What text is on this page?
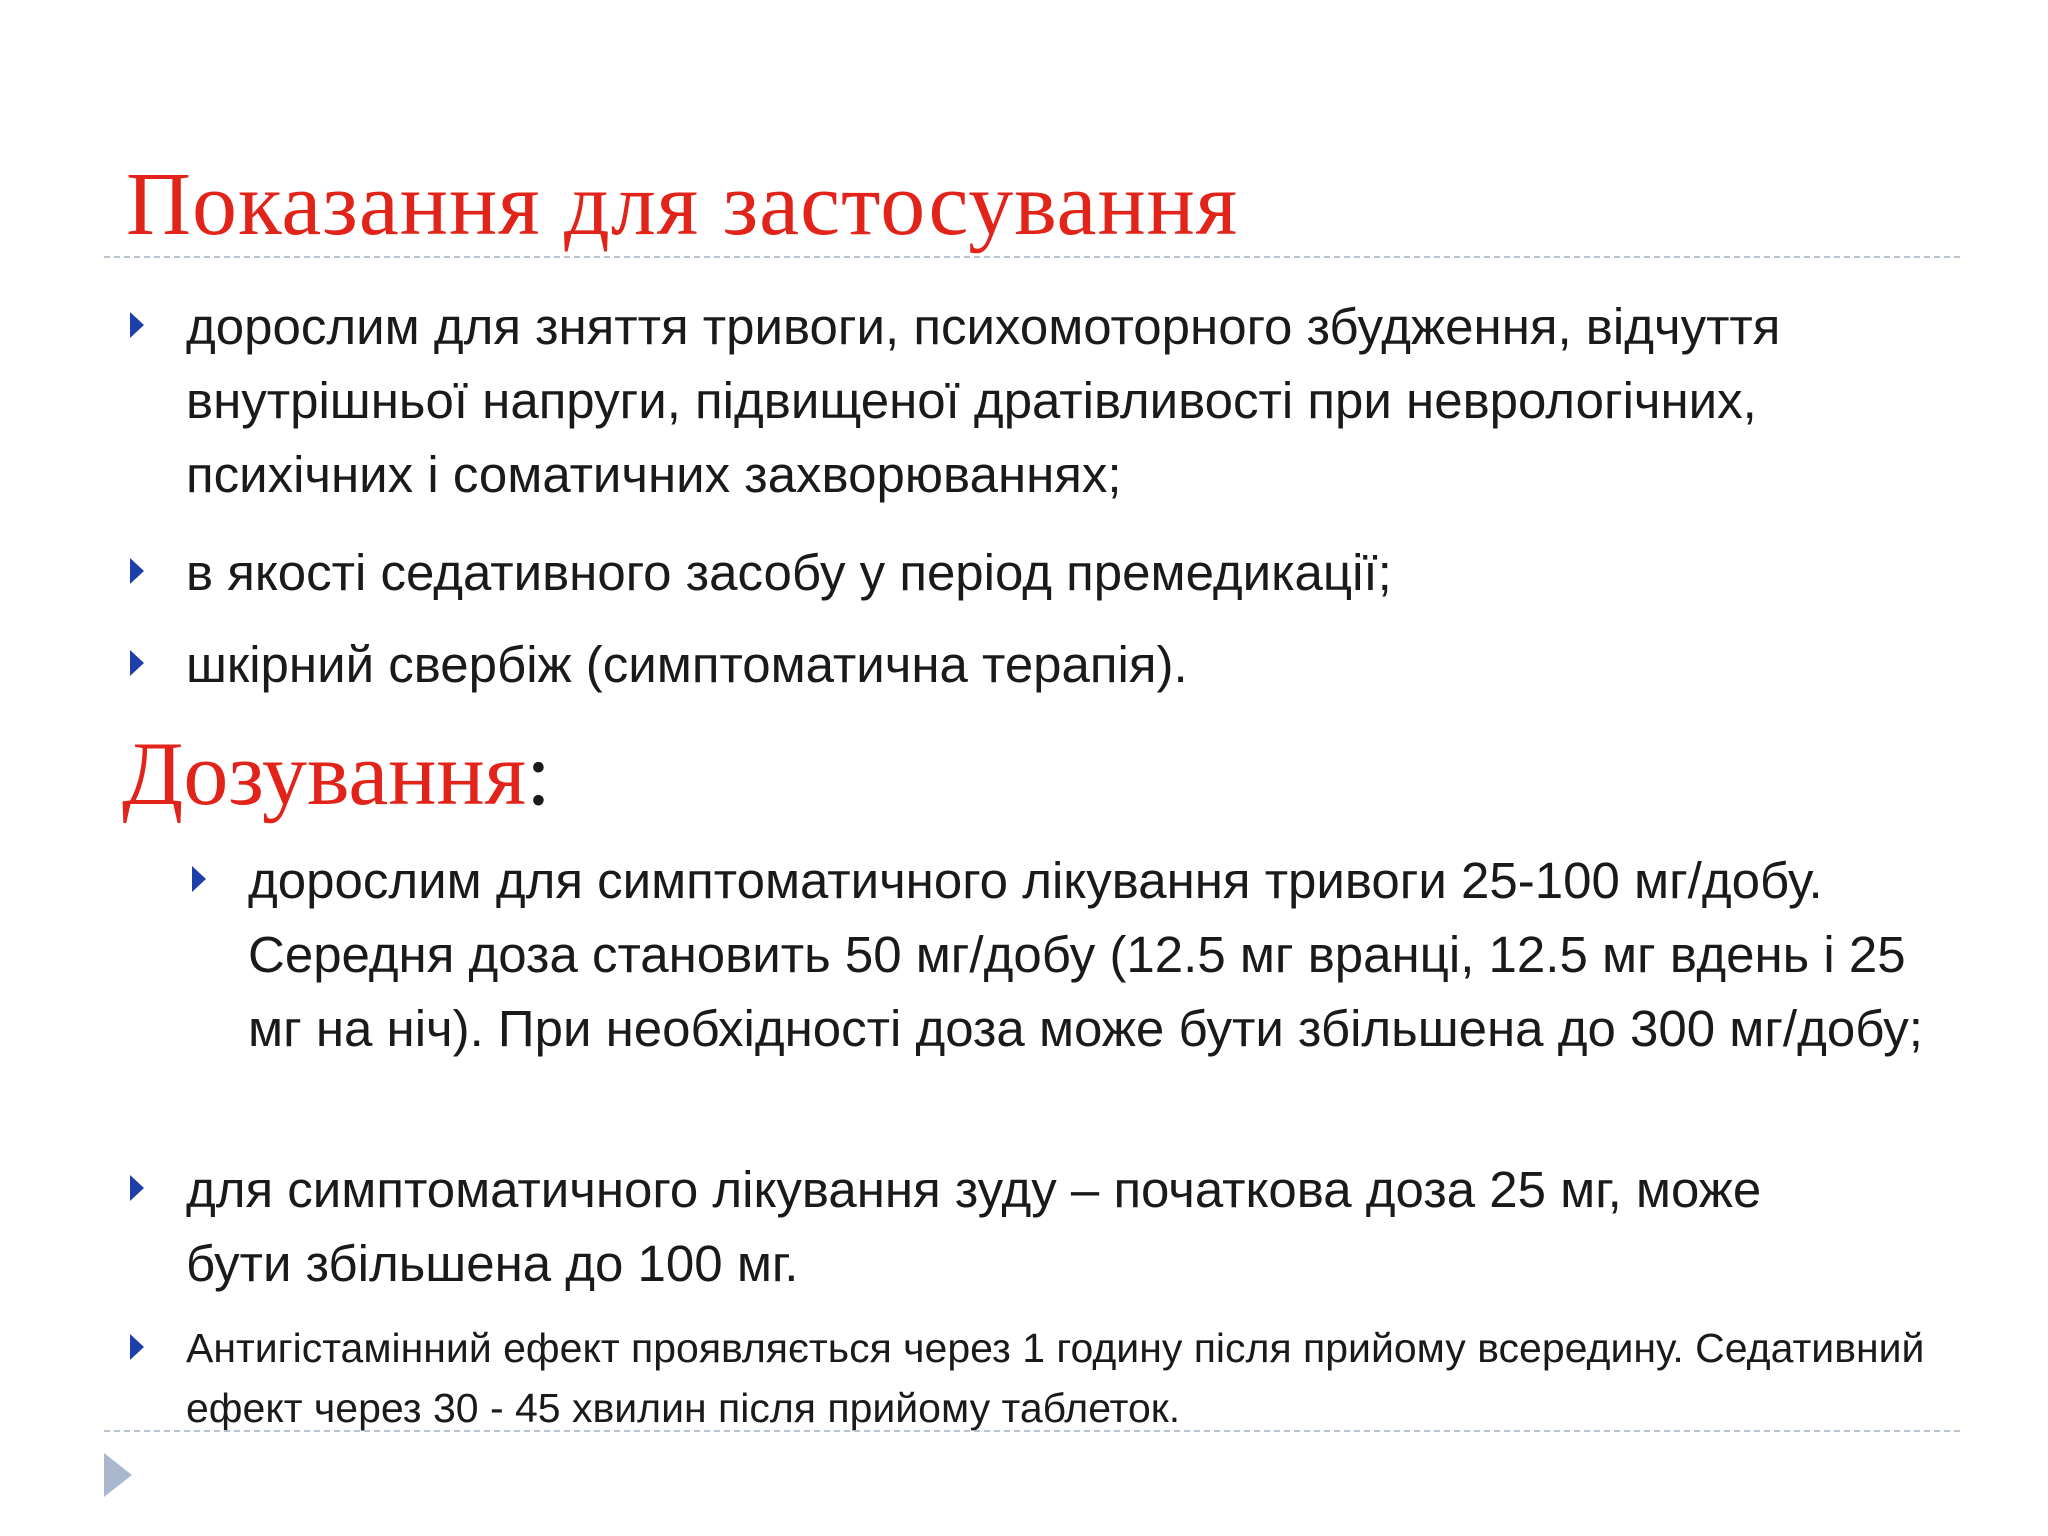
Показання для застосування
дорослим для зняття тривоги, психомоторного збудження, відчуття внутрішньої напруги, підвищеної дратівливості при неврологічних, психічних і соматичних захворюваннях;
в якості седативного засобу у період премедикації;
шкірний свербіж (симптоматична терапія).
Дозування:
дорослим для симптоматичного лікування тривоги 25-100 мг/добу. Середня доза становить 50 мг/добу (12.5 мг вранці, 12.5 мг вдень і 25 мг на ніч). При необхідності доза може бути збільшена до 300 мг/добу;
для симптоматичного лікування зуду – початкова доза 25 мг, може бути збільшена до 100 мг.
Антигістамінний ефект проявляється через 1 годину після прийому всередину. Седативний ефект через 30 - 45 хвилин після прийому таблеток.
